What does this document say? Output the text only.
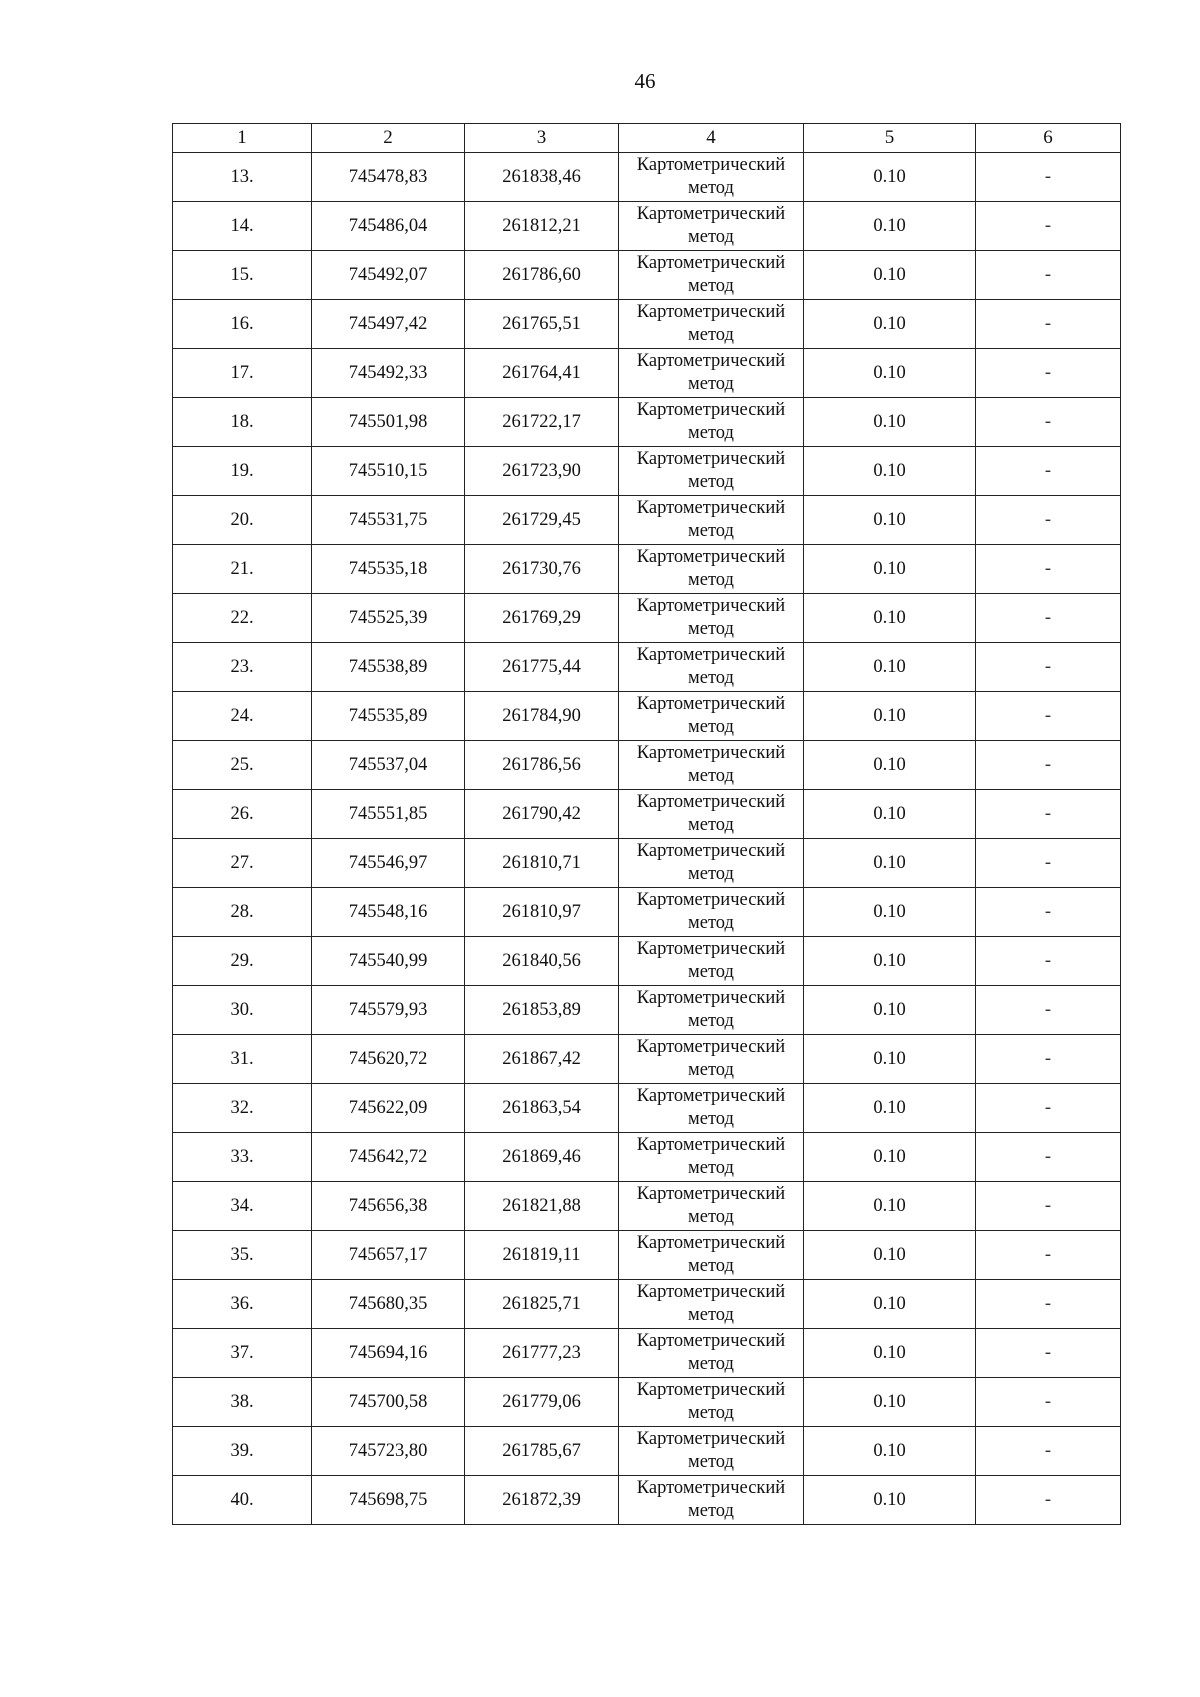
46
1	2	3	4	5	6
13.	745478,83	261838,46	Картометрический метод	0.10	-
14.	745486,04	261812,21	Картометрический метод	0.10	-
15.	745492,07	261786,60	Картометрический метод	0.10	-
16.	745497,42	261765,51	Картометрический метод	0.10	-
17.	745492,33	261764,41	Картометрический метод	0.10	-
18.	745501,98	261722,17	Картометрический метод	0.10	-
19.	745510,15	261723,90	Картометрический метод	0.10	-
20.	745531,75	261729,45	Картометрический метод	0.10	-
21.	745535,18	261730,76	Картометрический метод	0.10	-
22.	745525,39	261769,29	Картометрический метод	0.10	-
23.	745538,89	261775,44	Картометрический метод	0.10	-
24.	745535,89	261784,90	Картометрический метод	0.10	-
25.	745537,04	261786,56	Картометрический метод	0.10	-
26.	745551,85	261790,42	Картометрический метод	0.10	-
27.	745546,97	261810,71	Картометрический метод	0.10	-
28.	745548,16	261810,97	Картометрический метод	0.10	-
29.	745540,99	261840,56	Картометрический метод	0.10	-
30.	745579,93	261853,89	Картометрический метод	0.10	-
31.	745620,72	261867,42	Картометрический метод	0.10	-
32.	745622,09	261863,54	Картометрический метод	0.10	-
33.	745642,72	261869,46	Картометрический метод	0.10	-
34.	745656,38	261821,88	Картометрический метод	0.10	-
35.	745657,17	261819,11	Картометрический метод	0.10	-
36.	745680,35	261825,71	Картометрический метод	0.10	-
37.	745694,16	261777,23	Картометрический метод	0.10	-
38.	745700,58	261779,06	Картометрический метод	0.10	-
39.	745723,80	261785,67	Картометрический метод	0.10	-
40.	745698,75	261872,39	Картометрический метод	0.10	-
